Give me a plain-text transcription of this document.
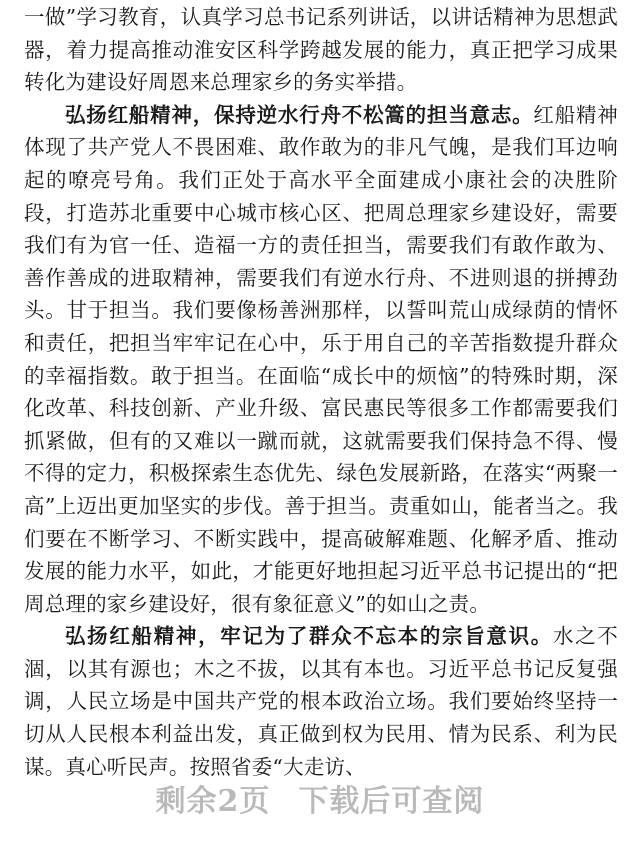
一做”学习教育，认真学习总书记系列讲话，以讲话精神为思想武器，着力提高推动淮安区科学跨越发展的能力，真正把学习成果转化为建设好周恩来总理家乡的务实举措。

弘扬红船精神，保持逆水行舟不松篙的担当意志。红船精神体现了共产党人不畏困难、敢作敢为的非凡气魄，是我们耳边响起的嘹亮号角。我们正处于高水平全面建成小康社会的决胜阶段，打造苏北重要中心城市核心区、把周总理家乡建设好，需要我们有为官一任、造福一方的责任担当，需要我们有敢作敢为、善作善成的进取精神，需要我们有逆水行舟、不进则退的拼搏劲头。甘于担当。我们要像杨善洲那样，以誓叫荒山成绿荫的情怀和责任，把担当牢牢记在心中，乐于用自己的辛苦指数提升群众的幸福指数。敢于担当。在面临“成长中的烦恼”的特殊时期，深化改革、科技创新、产业升级、富民惠民等很多工作都需要我们抓紧做，但有的又难以一蹴而就，这就需要我们保持急不得、慢不得的定力，积极探索生态优先、绿色发展新路，在落实“两聚一高”上迈出更加坚实的步伐。善于担当。责重如山，能者当之。我们要在不断学习、不断实践中，提高破解难题、化解矛盾、推动发展的能力水平，如此，才能更好地担起习近平总书记提出的“把周总理的家乡建设好，很有象征意义”的如山之责。

弘扬红船精神，牢记为了群众不忘本的宗旨意识。水之不涸，以其有源也；木之不拔，以其有本也。习近平总书记反复强调，人民立场是中国共产党的根本政治立场。我们要始终坚持一切从人民根本利益出发，真正做到权为民用、情为民系、利为民谋。真心听民声。按照省委“大走访、

剩余2页 下载后可查阅
